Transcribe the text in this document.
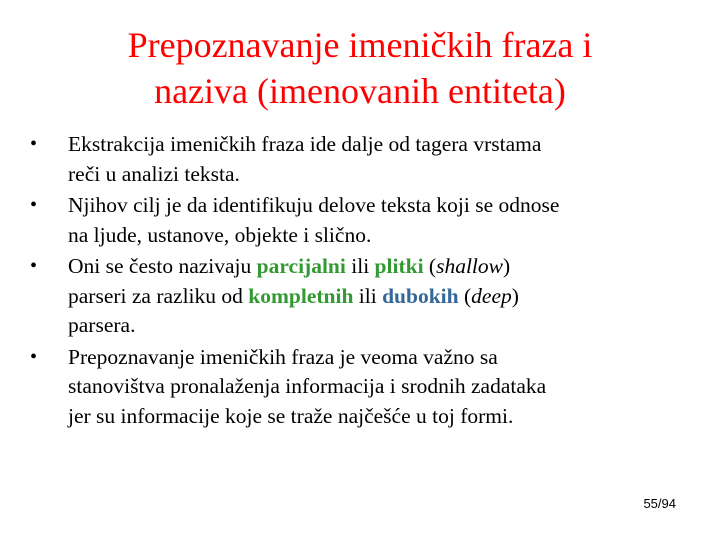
Prepoznavanje imeničkih fraza i
naziva (imenovanih entiteta)
• Ekstrakcija imeničkih fraza ide dalje od tagera vrstama
reči u analizi teksta.
• Njihov cilj je da identifikuju delove teksta koji se odnose
na ljude, ustanove, objekte i slično.
• Oni se često nazivaju parcijalni ili plitki (shallow)
parseri za razliku od kompletnih ili dubokih (deep)
parsera.
• Prepoznavanje imeničkih fraza je veoma važno sa
stanovištva pronalaženja informacija i srodnih zadataka
jer su informacije koje se traže najčešće u toj formi.
55/94
